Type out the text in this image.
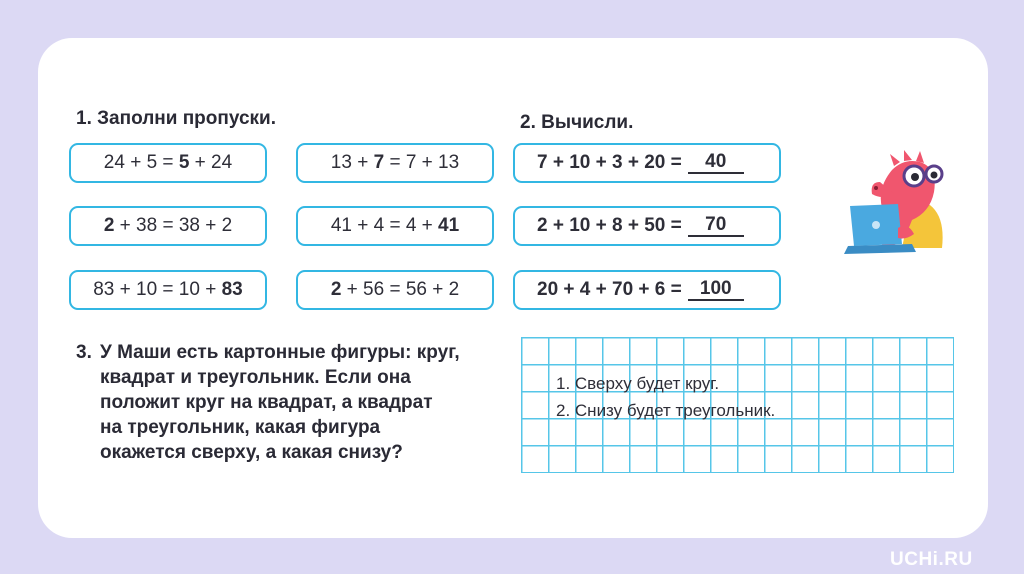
1. Заполни пропуски.	2. Вычисли.
24 + 5 = 5 + 24
2 + 38 = 38 + 2
83 + 10 = 10 + 83
13 + 7 = 7 + 13
41 + 4 = 4 + 41
2 + 56 = 56 + 2
7 + 10 + 3 + 20 =	40
2 + 10 + 8 + 50 =	70
20 + 4 + 70 + 6 = 100
3. У Маши есть картонные фигуры: круг,
квадрат и треугольник. Если она
положит круг на квадрат, а квадрат
на треугольник, какая фигура
окажется сверху, а какая снизу?
1. Сверху будет круг.
2. Снизу будет треугольник.
UCHi.RU
